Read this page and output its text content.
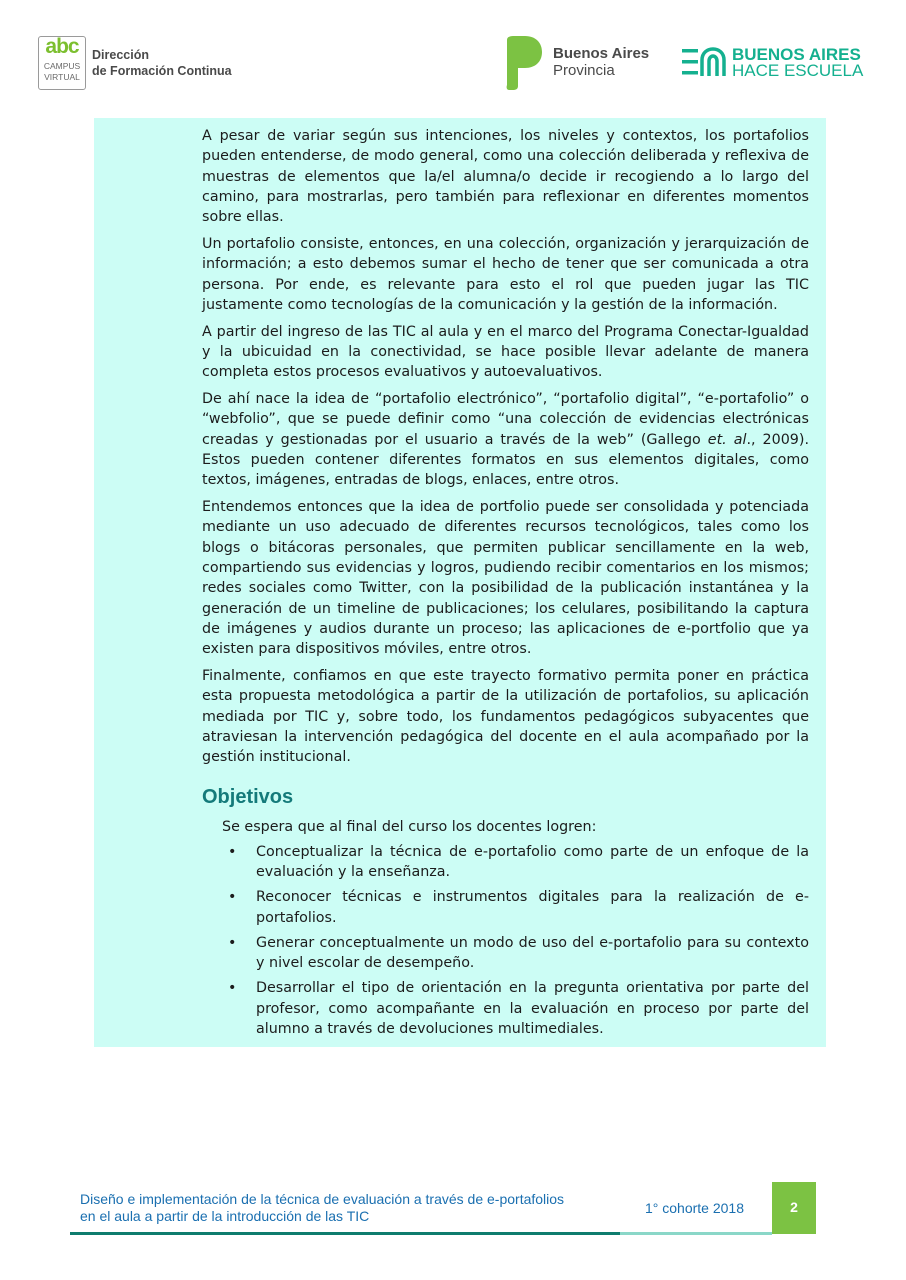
abc
CAMPUS
VIRTUAL
Dirección
de Formación Continua
Buenos Aires
Provincia
BUENOS AIRES
HACE ESCUELA

A pesar de variar según sus intenciones, los niveles y contextos, los portafolios pueden entenderse, de modo general, como una colección deliberada y reflexiva de muestras de elementos que la/el alumna/o decide ir recogiendo a lo largo del camino, para mostrarlas, pero también para reflexionar en diferentes momentos sobre ellas.

Un portafolio consiste, entonces, en una colección, organización y jerarquización de información; a esto debemos sumar el hecho de tener que ser comunicada a otra persona. Por ende, es relevante para esto el rol que pueden jugar las TIC justamente como tecnologías de la comunicación y la gestión de la información.

A partir del ingreso de las TIC al aula y en el marco del Programa Conectar-Igualdad y la ubicuidad en la conectividad, se hace posible llevar adelante de manera completa estos procesos evaluativos y autoevaluativos.

De ahí nace la idea de “portafolio electrónico”, “portafolio digital”, “e-portafolio” o “webfolio”, que se puede definir como “una colección de evidencias electrónicas creadas y gestionadas por el usuario a través de la web” (Gallego et. al., 2009). Estos pueden contener diferentes formatos en sus elementos digitales, como textos, imágenes, entradas de blogs, enlaces, entre otros.

Entendemos entonces que la idea de portfolio puede ser consolidada y potenciada mediante un uso adecuado de diferentes recursos tecnológicos, tales como los blogs o bitácoras personales, que permiten publicar sencillamente en la web, compartiendo sus evidencias y logros, pudiendo recibir comentarios en los mismos; redes sociales como Twitter, con la posibilidad de la publicación instantánea y la generación de un timeline de publicaciones; los celulares, posibilitando la captura de imágenes y audios durante un proceso; las aplicaciones de e-portfolio que ya existen para dispositivos móviles, entre otros.

Finalmente, confiamos en que este trayecto formativo permita poner en práctica esta propuesta metodológica a partir de la utilización de portafolios, su aplicación mediada por TIC y, sobre todo, los fundamentos pedagógicos subyacentes que atraviesan la intervención pedagógica del docente en el aula acompañado por la gestión institucional.

Objetivos

Se espera que al final del curso los docentes logren:

• Conceptualizar la técnica de e-portafolio como parte de un enfoque de la evaluación y la enseñanza.
• Reconocer técnicas e instrumentos digitales para la realización de e-portafolios.
• Generar conceptualmente un modo de uso del e-portafolio para su contexto y nivel escolar de desempeño.
• Desarrollar el tipo de orientación en la pregunta orientativa por parte del profesor, como acompañante en la evaluación en proceso por parte del alumno a través de devoluciones multimediales.
Diseño e implementación de la técnica de evaluación a través de e-portafolios
en el aula a partir de la introducción de las TIC	1° cohorte 2018	2
